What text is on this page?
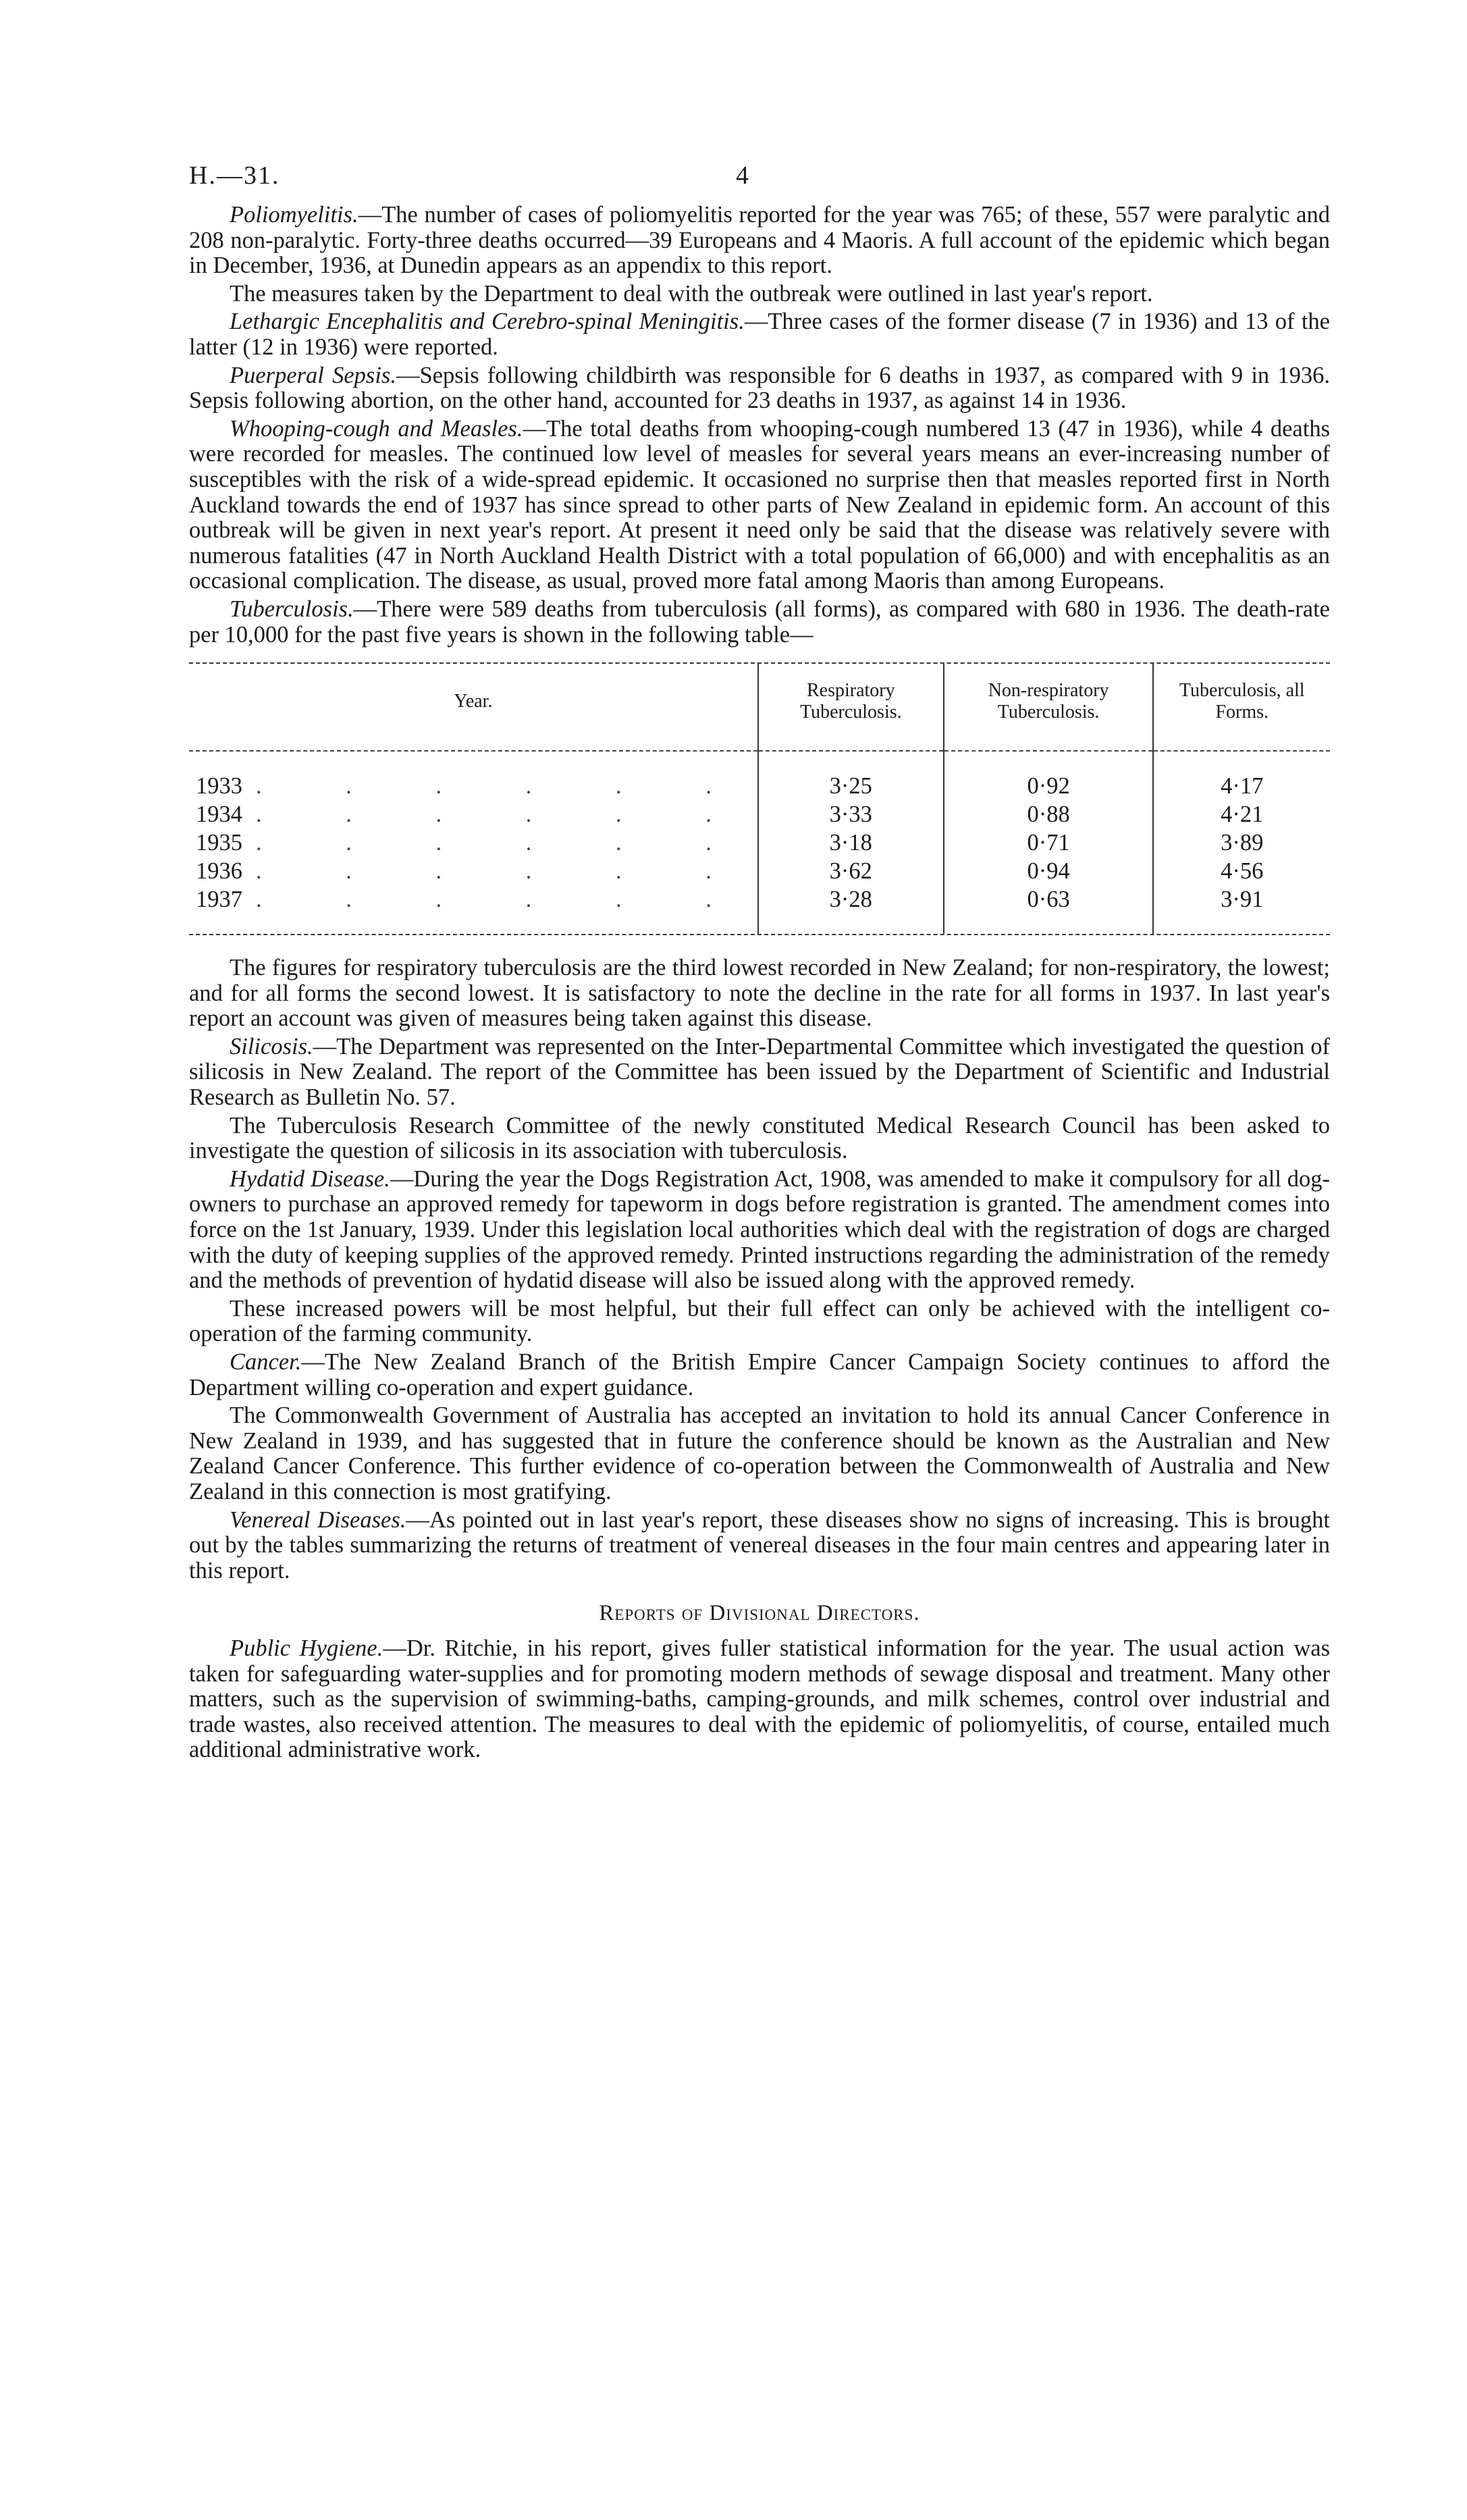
H.—31.	4

Poliomyelitis.—The number of cases of poliomyelitis reported for the year was 765; of these, 557 were paralytic and 208 non-paralytic. Forty-three deaths occurred—39 Europeans and 4 Maoris. A full account of the epidemic which began in December, 1936, at Dunedin appears as an appendix to this report.

The measures taken by the Department to deal with the outbreak were outlined in last year's report.

Lethargic Encephalitis and Cerebro-spinal Meningitis.—Three cases of the former disease (7 in 1936) and 13 of the latter (12 in 1936) were reported.

Puerperal Sepsis.—Sepsis following childbirth was responsible for 6 deaths in 1937, as compared with 9 in 1936. Sepsis following abortion, on the other hand, accounted for 23 deaths in 1937, as against 14 in 1936.

Whooping-cough and Measles.—The total deaths from whooping-cough numbered 13 (47 in 1936), while 4 deaths were recorded for measles. The continued low level of measles for several years means an ever-increasing number of susceptibles with the risk of a wide-spread epidemic. It occasioned no surprise then that measles reported first in North Auckland towards the end of 1937 has since spread to other parts of New Zealand in epidemic form. An account of this outbreak will be given in next year's report. At present it need only be said that the disease was relatively severe with numerous fatalities (47 in North Auckland Health District with a total population of 66,000) and with encephalitis as an occasional complication. The disease, as usual, proved more fatal among Maoris than among Europeans.

Tuberculosis.—There were 589 deaths from tuberculosis (all forms), as compared with 680 in 1936. The death-rate per 10,000 for the past five years is shown in the following table—

Year.	Respiratory Tuberculosis.	Non-respiratory Tuberculosis.	Tuberculosis, all Forms.

1933 . . . . . .	3·25	0·92	4·17
1934 . . . . . .	3·33	0·88	4·21
1935 . . . . . .	3·18	0·71	3·89
1936 . . . . . .	3·62	0·94	4·56
1937 . . . . . .	3·28	0·63	3·91

The figures for respiratory tuberculosis are the third lowest recorded in New Zealand; for non-respiratory, the lowest; and for all forms the second lowest. It is satisfactory to note the decline in the rate for all forms in 1937. In last year's report an account was given of measures being taken against this disease.

Silicosis.—The Department was represented on the Inter-Departmental Committee which investigated the question of silicosis in New Zealand. The report of the Committee has been issued by the Department of Scientific and Industrial Research as Bulletin No. 57.

The Tuberculosis Research Committee of the newly constituted Medical Research Council has been asked to investigate the question of silicosis in its association with tuberculosis.

Hydatid Disease.—During the year the Dogs Registration Act, 1908, was amended to make it compulsory for all dog-owners to purchase an approved remedy for tapeworm in dogs before registration is granted. The amendment comes into force on the 1st January, 1939. Under this legislation local authorities which deal with the registration of dogs are charged with the duty of keeping supplies of the approved remedy. Printed instructions regarding the administration of the remedy and the methods of prevention of hydatid disease will also be issued along with the approved remedy.

These increased powers will be most helpful, but their full effect can only be achieved with the intelligent co-operation of the farming community.

Cancer.—The New Zealand Branch of the British Empire Cancer Campaign Society continues to afford the Department willing co-operation and expert guidance.

The Commonwealth Government of Australia has accepted an invitation to hold its annual Cancer Conference in New Zealand in 1939, and has suggested that in future the conference should be known as the Australian and New Zealand Cancer Conference. This further evidence of co-operation between the Commonwealth of Australia and New Zealand in this connection is most gratifying.

Venereal Diseases.—As pointed out in last year's report, these diseases show no signs of increasing. This is brought out by the tables summarizing the returns of treatment of venereal diseases in the four main centres and appearing later in this report.

Reports of Divisional Directors.

Public Hygiene.—Dr. Ritchie, in his report, gives fuller statistical information for the year. The usual action was taken for safeguarding water-supplies and for promoting modern methods of sewage disposal and treatment. Many other matters, such as the supervision of swimming-baths, camping-grounds, and milk schemes, control over industrial and trade wastes, also received attention. The measures to deal with the epidemic of poliomyelitis, of course, entailed much additional administrative work.
